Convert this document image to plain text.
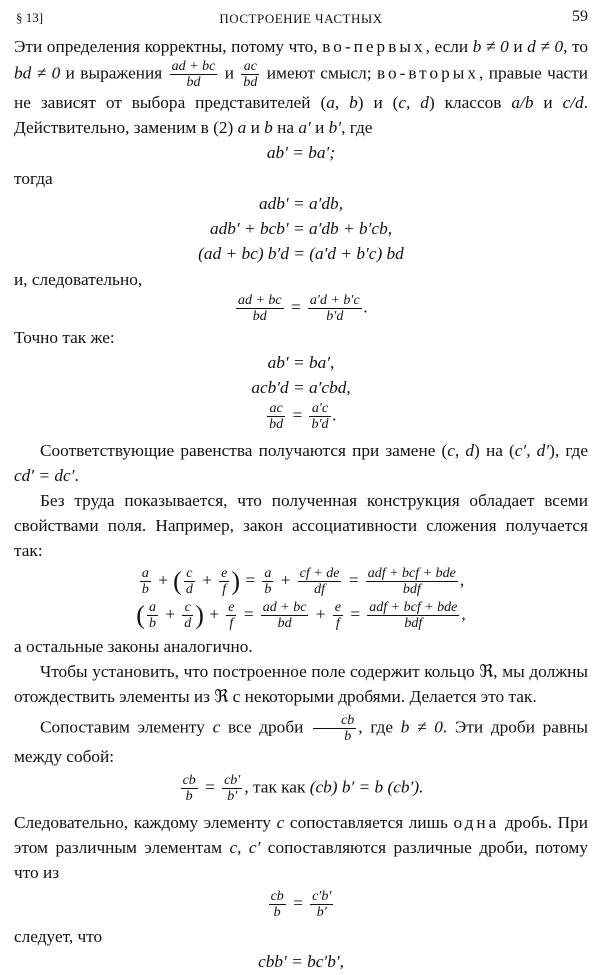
§ 13]	ПОСТРОЕНИЕ ЧАСТНЫХ	59

Эти определения корректны, потому что, во-первых, если b ≠ 0 и d ≠ 0, то bd ≠ 0 и выражения $\frac{ad + bc}{bd}$ и $\frac{ac}{bd}$ имеют смысл; во-вторых, правые части не зависят от выбора представителей (a, b) и (c, d) классов a/b и c/d. Действительно, заменим в (2) a и b на a′ и b′, где

ab′ = ba′;

тогда

adb′ = a′db,
adb′ + bcb′ = a′db + b′cb,
(ad + bc) b′d = (a′d + b′c) bd

и, следовательно,

$\frac{ad + bc}{bd} = \frac{a'd + b'c}{b'd}$ .

Точно так же:

ab′ = ba′,
acb′d = a′cbd,
$\frac{ac}{bd} = \frac{a'c}{b'd}$ .

Соответствующие равенства получаются при замене (c, d) на (c′, d′), где cd′ = dc′.

Без труда показывается, что полученная конструкция обладает всеми свойствами поля. Например, закон ассоциативности сложения получается так:

$\frac{a}{b}$ + ( $\frac{c}{d} + \frac{e}{f}$ ) = $\frac{a}{b} + \frac{cf + de}{df}$ = adf + bcf + bde
bdf
,
( $\frac{a}{b} + \frac{c}{d}$ ) + $\frac{e}{f} = \frac{ad + bc}{bd} + \frac{e}{f}$ = adf + bcf + bde
bdf
,

а остальные законы аналогично.

Чтобы установить, что построенное поле содержит кольцо ℜ, мы должны отождествить элементы из ℜ с некоторыми дробями. Делается это так.

Сопоставим элементу c все дроби $\frac{cb}{b}$ , где b ≠ 0. Эти дроби равны между собой:

$\frac{cb}{b} = \frac{cb'}{b'}$ , так как (cb) b′ = b (cb′).

Следовательно, каждому элементу c сопоставляется лишь одна дробь. При этом различным элементам c, c′ сопоставляются различные дроби, потому что из

$\frac{cb}{b} = \frac{c'b'}{b'}$

следует, что

cbb′ = bc′b′,
